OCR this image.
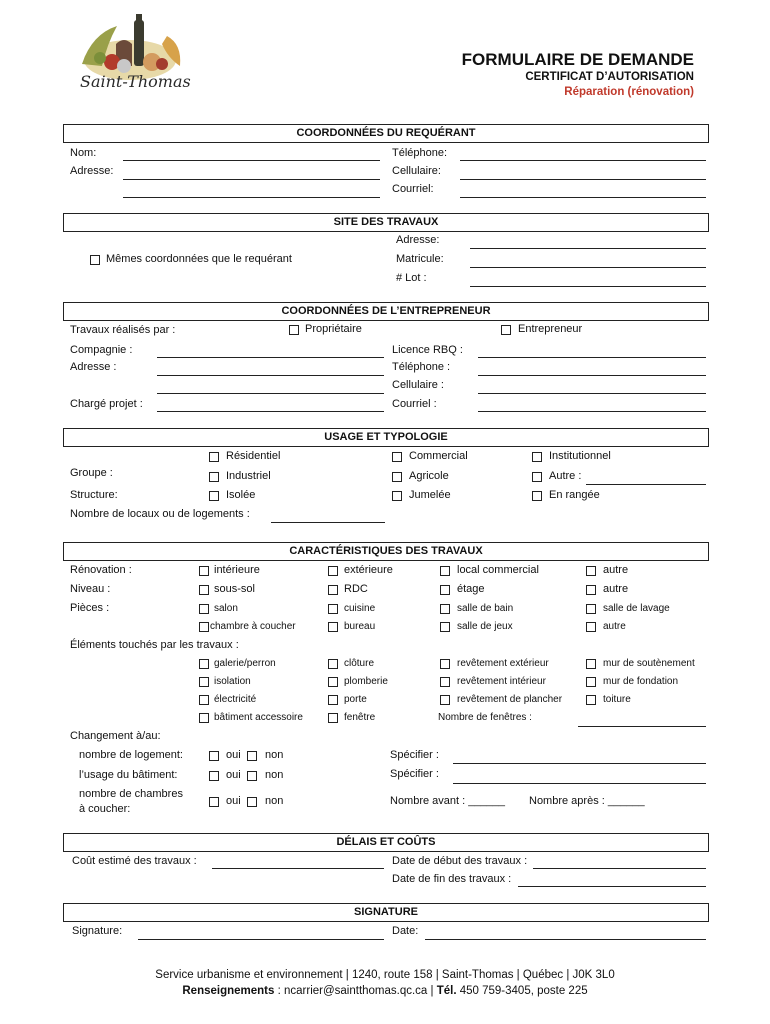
Saint-Thomas
FORMULAIRE DE DEMANDE
CERTIFICAT D’AUTORISATION
Réparation (rénovation)
COORDONNÉES DU REQUÉRANT
Nom:
Adresse:
Téléphone:
Cellulaire:
Courriel:
SITE DES TRAVAUX
Mêmes coordonnées que le requérant
Adresse:
Matricule:
# Lot :
COORDONNÉES DE L’ENTREPRENEUR
Travaux réalisés par :	Propriétaire	Entrepreneur
Compagnie :
Adresse :
Chargé projet :
Licence RBQ :
Téléphone :
Cellulaire :
Courriel :
USAGE ET TYPOLOGIE
Résidentiel	Commercial	Institutionnel
Groupe :	Industriel	Agricole	Autre :
Structure:	Isolée	Jumelée	En rangée
Nombre de locaux ou de logements :
CARACTÉRISTIQUES DES TRAVAUX
Rénovation :	intérieure	extérieure	local commercial	autre
Niveau :	sous-sol	RDC	étage	autre
Pièces :	salon	cuisine	salle de bain	salle de lavage
chambre à coucher	bureau	salle de jeux	autre
Éléments touchés par les travaux :
galerie/perron	clôture	revêtement extérieur	mur de soutènement
isolation	plomberie	revêtement intérieur	mur de fondation
électricité	porte	revêtement de plancher	toiture
bâtiment accessoire	fenêtre	Nombre de fenêtres :
Changement à/au:
nombre de logement:	oui non	Spécifier :
l’usage du bâtiment:	oui non	Spécifier :
nombre de chambres
à coucher:
oui non	Nombre avant : ______ Nombre après : ______
DÉLAIS ET COÛTS
Coût estimé des travaux :	Date de début des travaux :
Date de fin des travaux :
SIGNATURE
Signature:	Date:
Service urbanisme et environnement | 1240, route 158 | Saint-Thomas | Québec | J0K 3L0
Renseignements : ncarrier@saintthomas.qc.ca | Tél. 450 759-3405, poste 225
